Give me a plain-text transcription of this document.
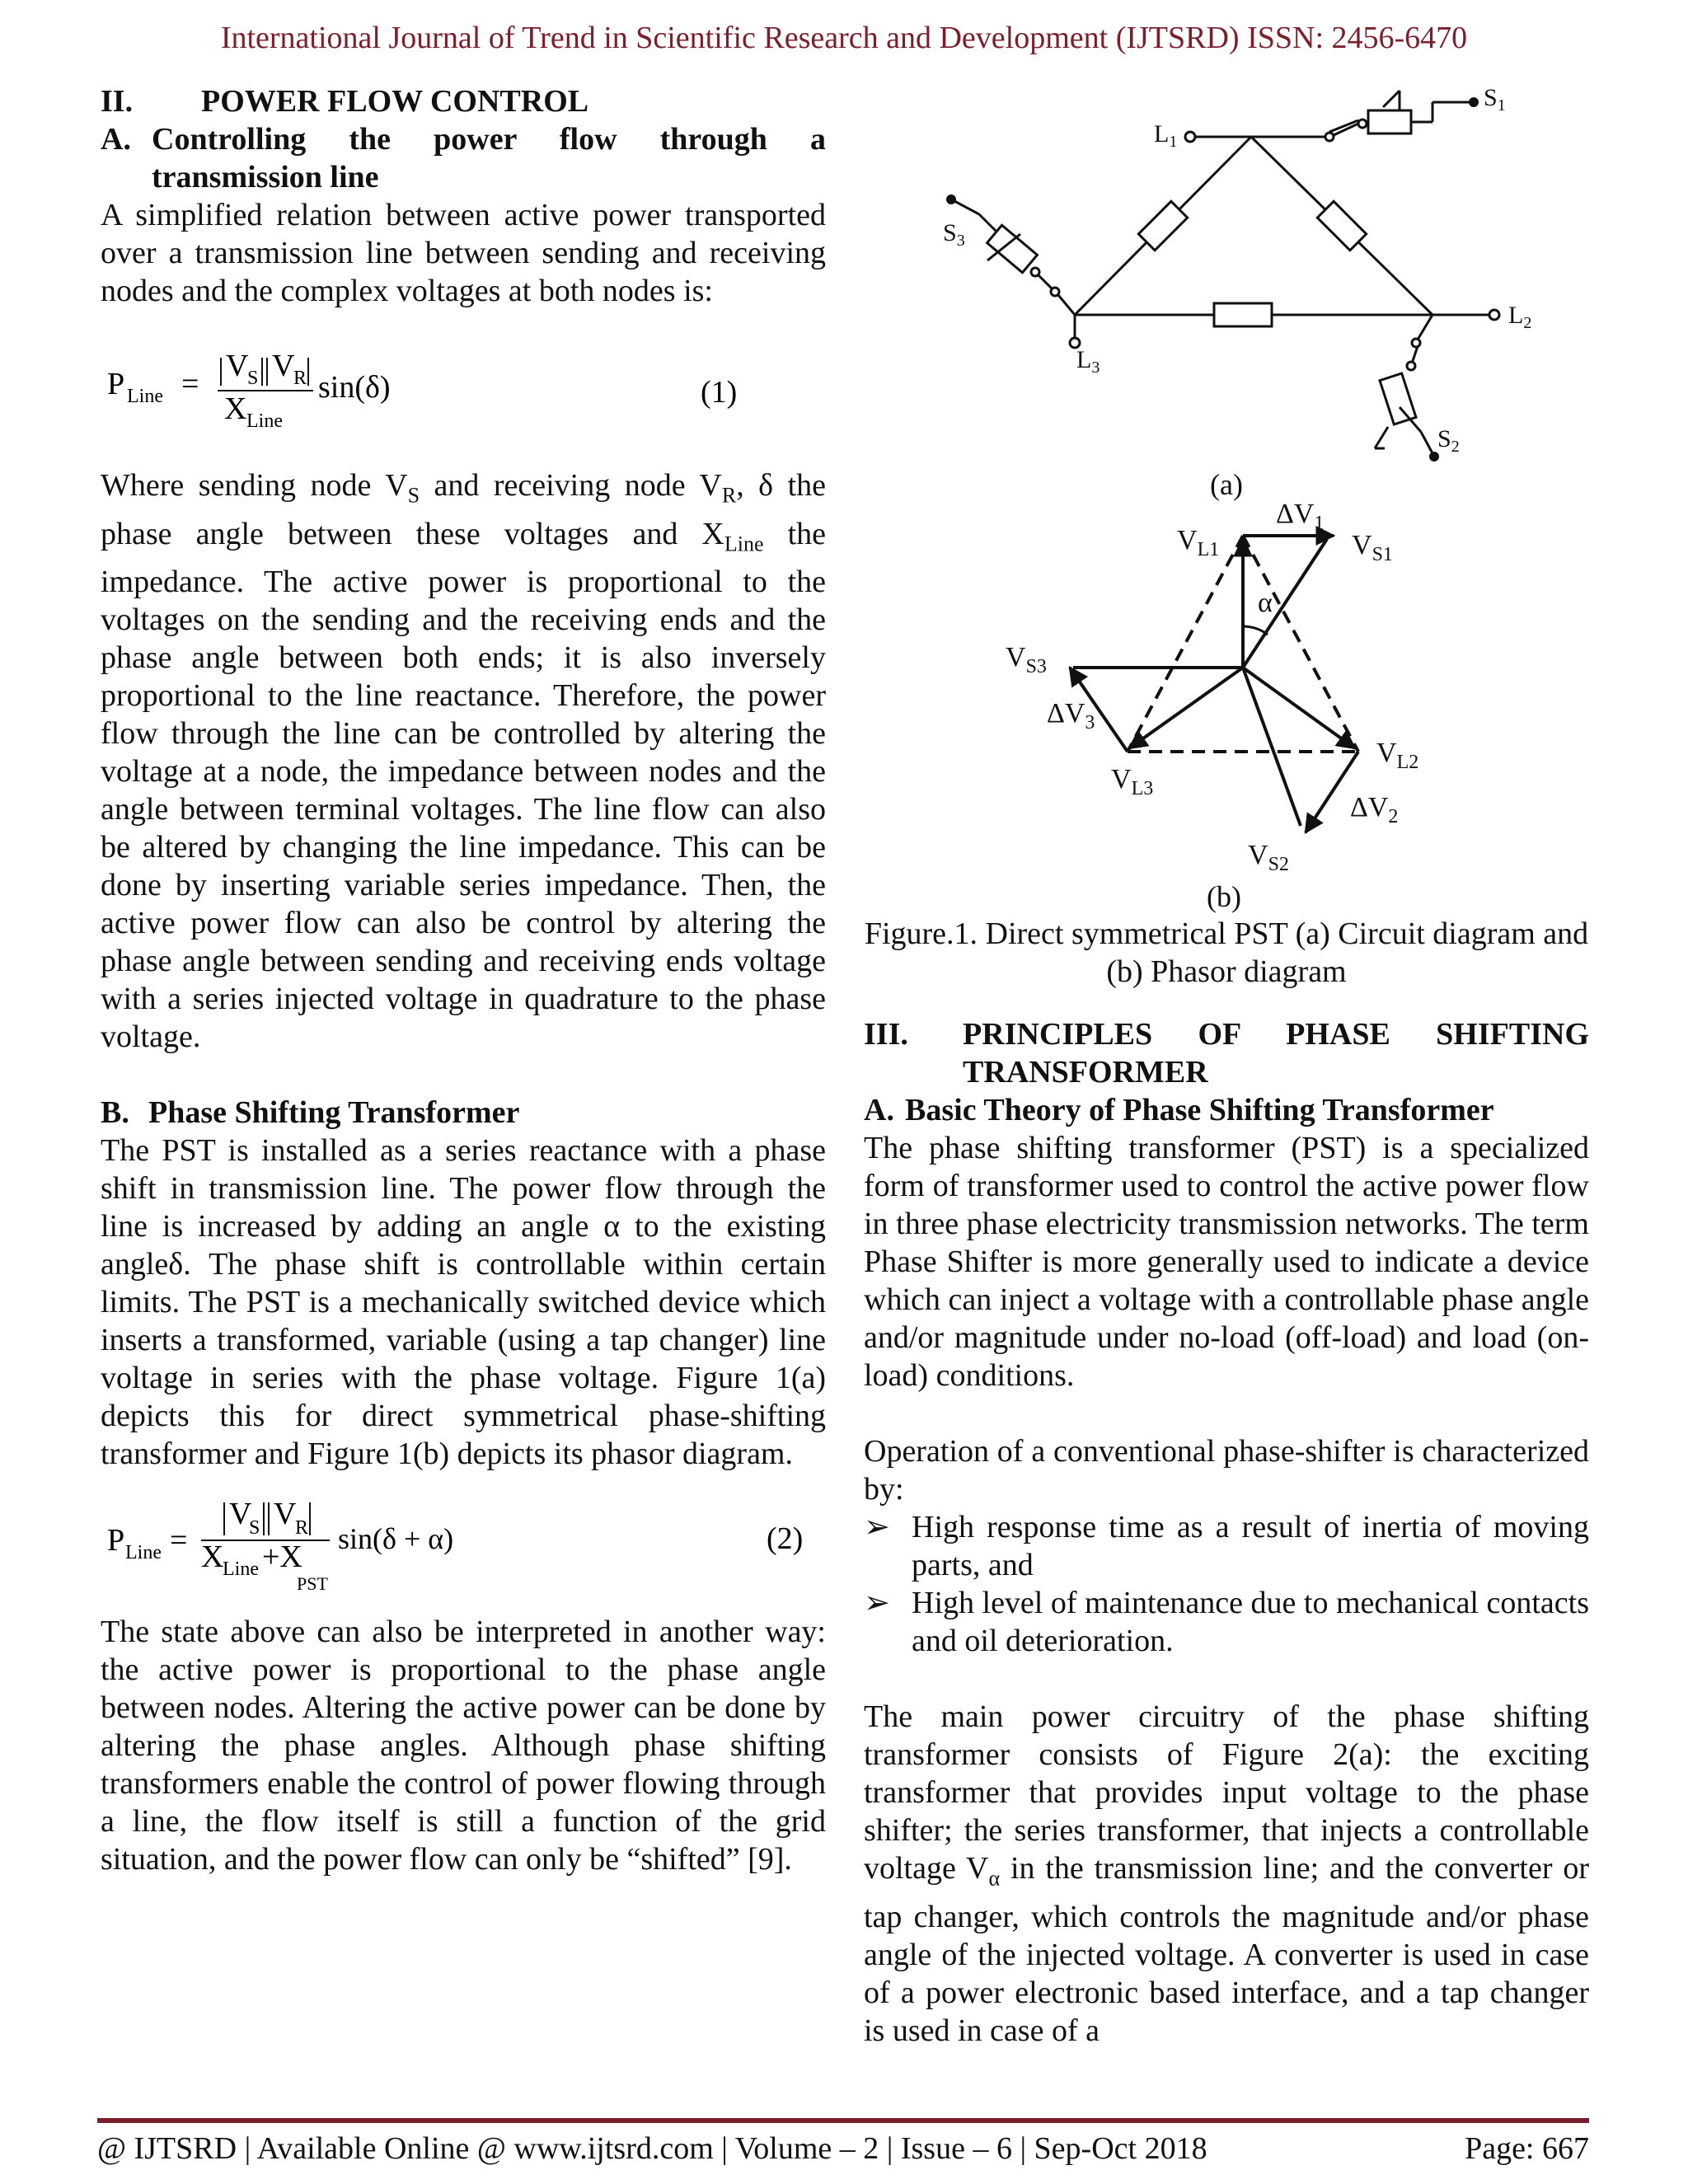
International Journal of Trend in Scientific Research and Development (IJTSRD) ISSN: 2456-6470
II.	POWER FLOW CONTROL
A. Controlling the power flow through a
transmission line

A simplified relation between active power transported over a transmission line between sending and receiving nodes and the complex voltages at both nodes is:

P Line =
V
S V
R
X Line
sin(δ)	(1)

Where sending node $V_S$ and receiving node $V_R$, δ the phase angle between these voltages and $X_{Line}$ the impedance. The active power is proportional to the voltages on the sending and the receiving ends and the phase angle between both ends; it is also inversely proportional to the line reactance. Therefore, the power flow through the line can be controlled by altering the voltage at a node, the impedance between nodes and the angle between terminal voltages. The line flow can also be altered by changing the line impedance. This can be done by inserting variable series impedance. Then, the active power flow can also be control by altering the phase angle between sending and receiving ends voltage with a series injected voltage in quadrature to the phase voltage.

B. Phase Shifting Transformer

The PST is installed as a series reactance with a phase shift in transmission line. The power flow through the line is increased by adding an angle α to the existing angleδ. The phase shift is controllable within certain limits. The PST is a mechanically switched device which inserts a transformed, variable (using a tap changer) line voltage in series with the phase voltage. Figure 1(a) depicts this for direct symmetrical phase-shifting transformer and Figure 1(b) depicts its phasor diagram.

P Line =
V
S V
R
X
Line +X
PST
sin(δ + α)	(2)

The state above can also be interpreted in another way: the active power is proportional to the phase angle between nodes. Altering the active power can be done by altering the phase angles. Although phase shifting transformers enable the control of power flowing through a line, the flow itself is still a function of the grid situation, and the power flow can only be “shifted” [9].

$L_1$
$S_1$
$L_2$
$L_3$
$S_2$
$S_3$
(a)
$V_{L1}$
$\Delta V_1$
$V_{S1}$
α
$V_{S3}$
$\Delta V_3$
$V_{L3}$
$V_{L2}$
$\Delta V_2$
$V_{S2}$
(b)

Figure.1. Direct symmetrical PST (a) Circuit diagram and (b) Phasor diagram

III.	PRINCIPLES OF PHASE SHIFTING
TRANSFORMER
A. Basic Theory of Phase Shifting Transformer

The phase shifting transformer (PST) is a specialized form of transformer used to control the active power flow in three phase electricity transmission networks. The term Phase Shifter is more generally used to indicate a device which can inject a voltage with a controllable phase angle and/or magnitude under no-load (off-load) and load (on-load) conditions.

Operation of a conventional phase-shifter is characterized by:

➢ High response time as a result of inertia of moving parts, and
➢ High level of maintenance due to mechanical contacts and oil deterioration.

The main power circuitry of the phase shifting transformer consists of Figure 2(a): the exciting transformer that provides input voltage to the phase shifter; the series transformer, that injects a controllable voltage $V_\alpha$ in the transmission line; and the converter or tap changer, which controls the magnitude and/or phase angle of the injected voltage. A converter is used in case of a power electronic based interface, and a tap changer is used in case of a

@ IJTSRD | Available Online @ www.ijtsrd.com | Volume – 2 | Issue – 6 | Sep-Oct 2018	Page: 667
